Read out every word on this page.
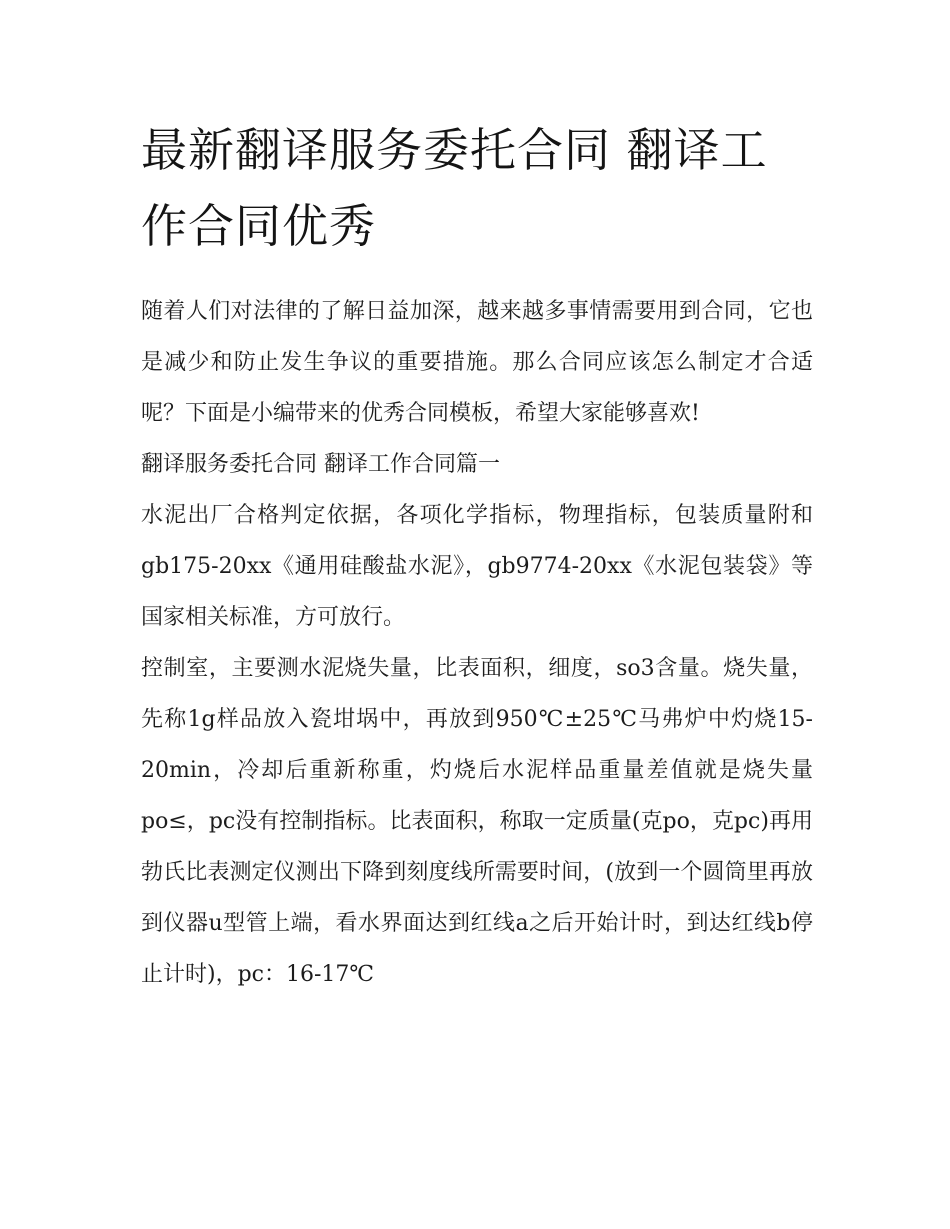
最新翻译服务委托合同 翻译工作合同优秀

随着人们对法律的了解日益加深，越来越多事情需要用到合同，它也是减少和防止发生争议的重要措施。那么合同应该怎么制定才合适呢？下面是小编带来的优秀合同模板，希望大家能够喜欢!

翻译服务委托合同 翻译工作合同篇一

水泥出厂合格判定依据，各项化学指标，物理指标，包装质量附和gb175-20xx《通用硅酸盐水泥》，gb9774-20xx《水泥包装袋》等国家相关标准，方可放行。

控制室，主要测水泥烧失量，比表面积，细度，so3含量。烧失量，先称1g样品放入瓷坩埚中，再放到950℃±25℃马弗炉中灼烧15-20min，冷却后重新称重，灼烧后水泥样品重量差值就是烧失量po≤，pc没有控制指标。比表面积，称取一定质量(克po，克pc)再用勃氏比表测定仪测出下降到刻度线所需要时间，(放到一个圆筒里再放到仪器u型管上端，看水界面达到红线a之后开始计时，到达红线b停止计时)，pc：16-17℃
